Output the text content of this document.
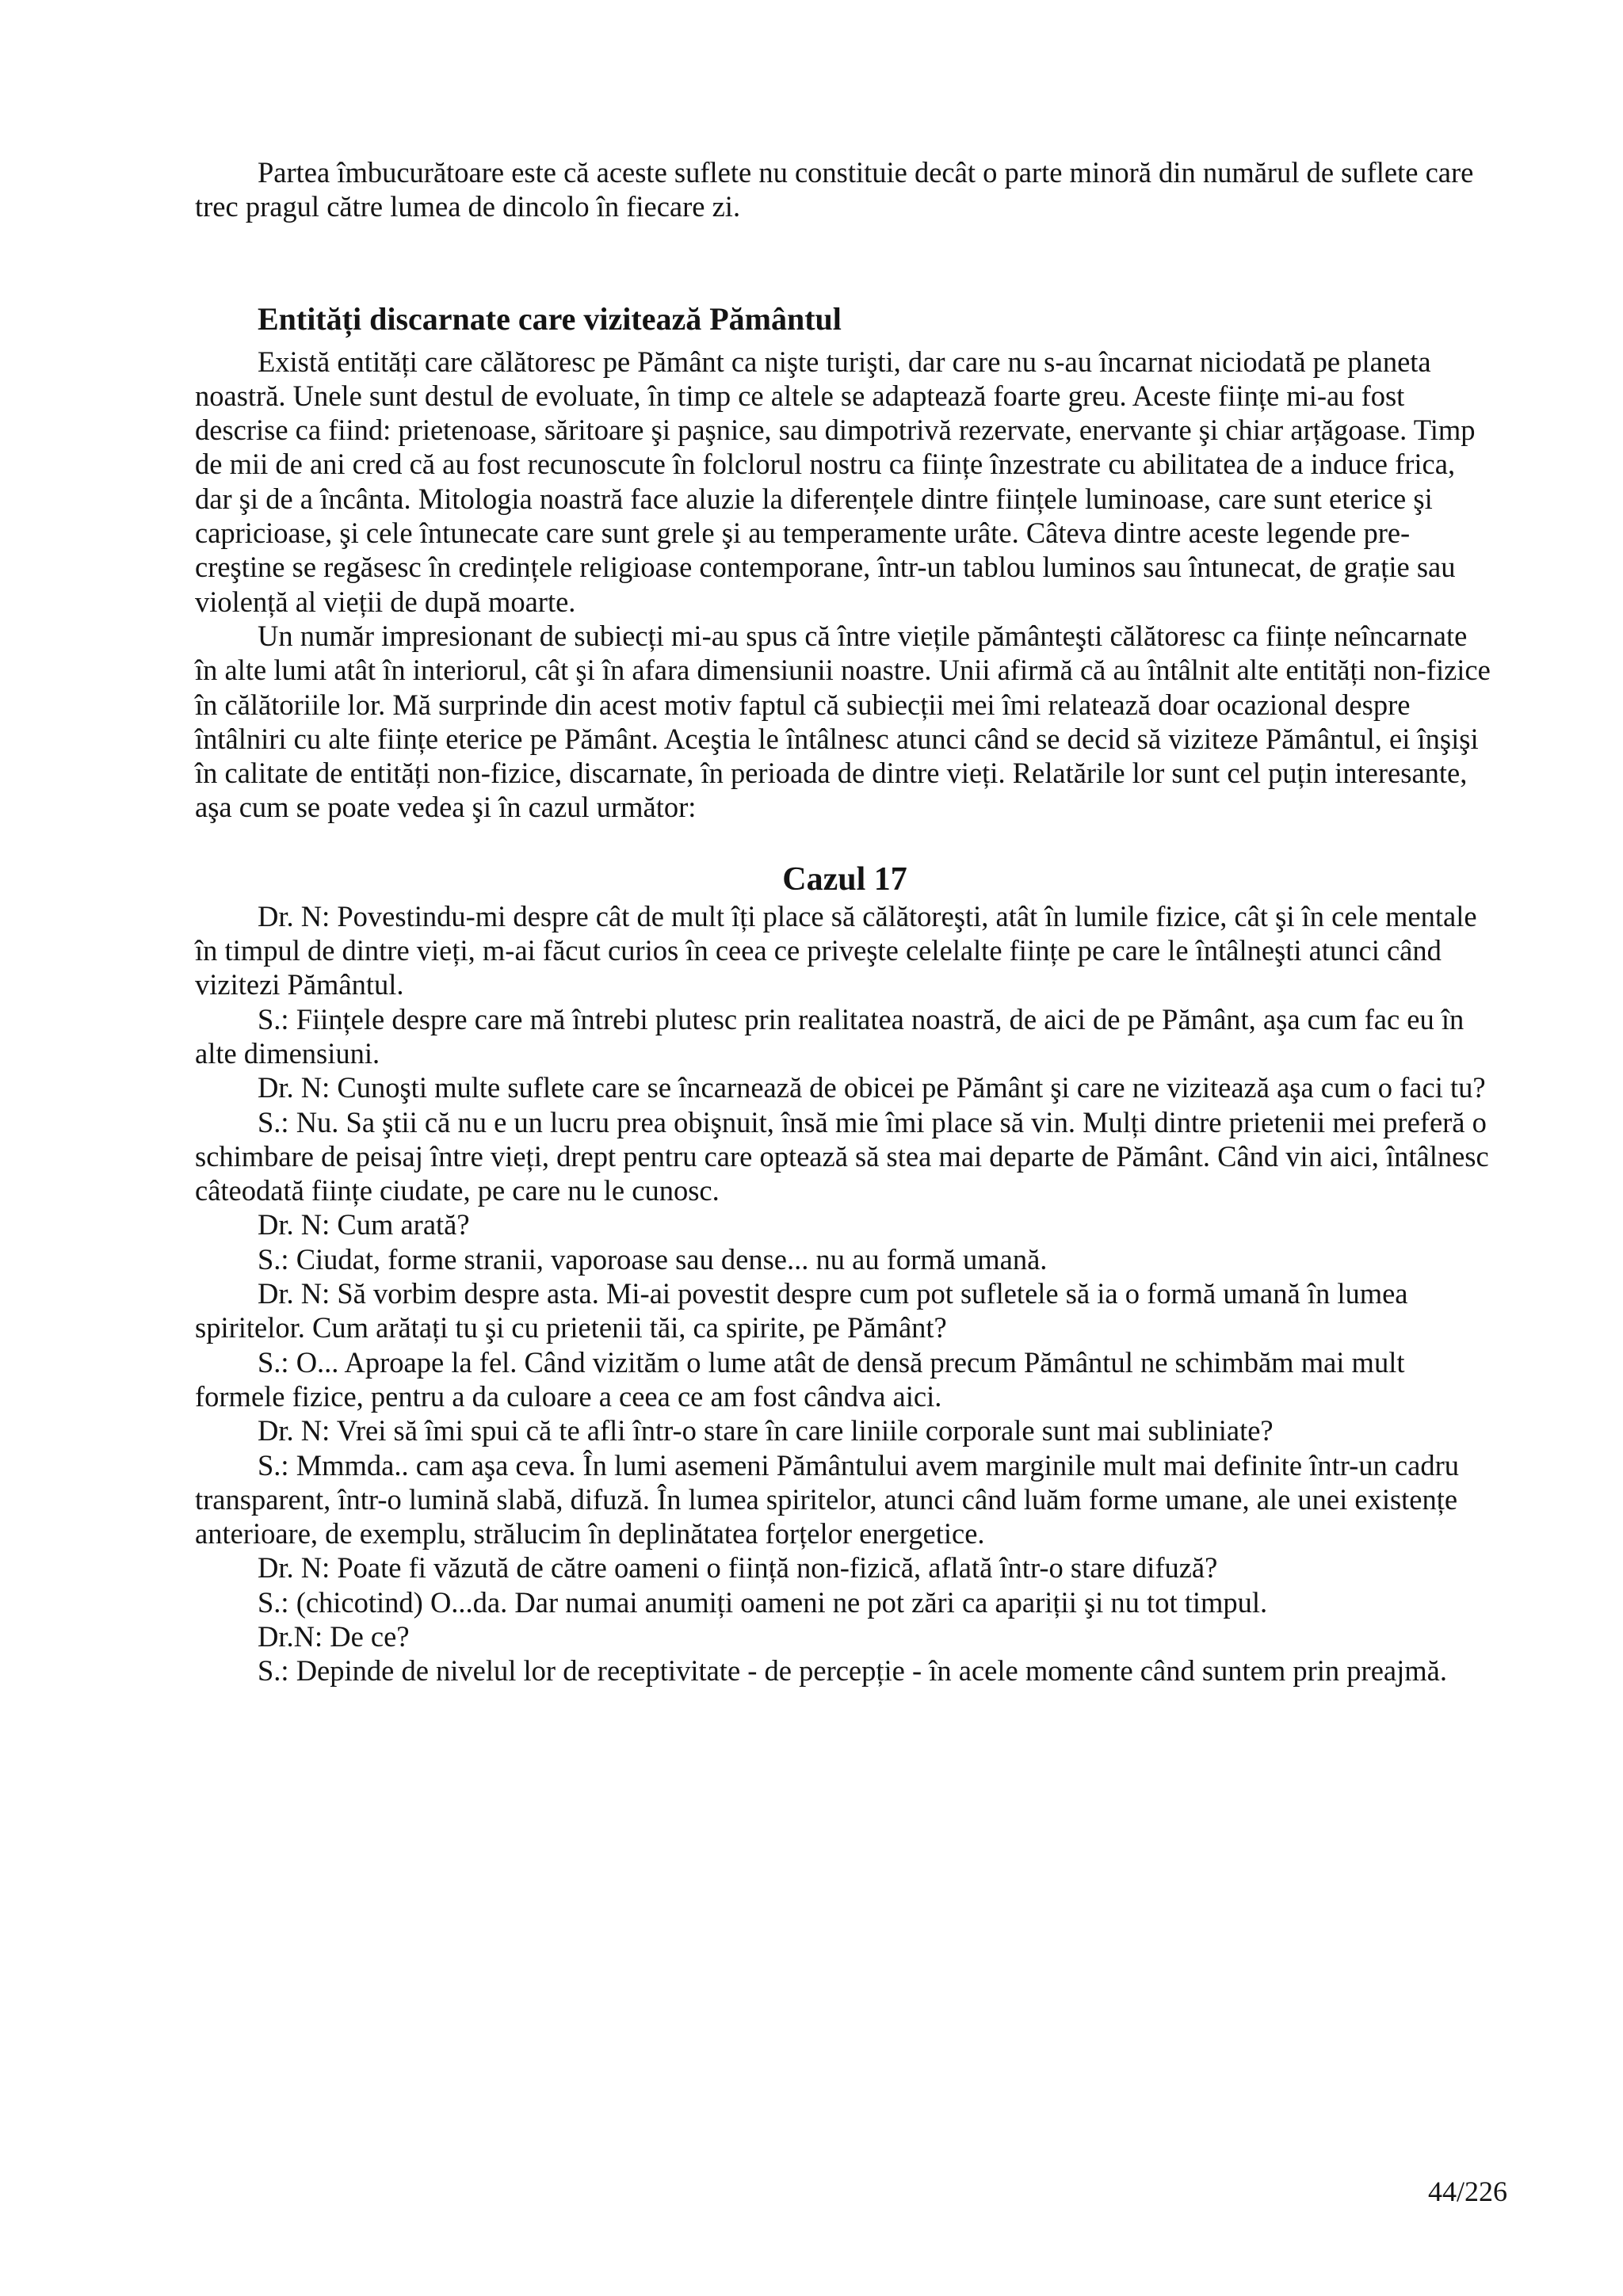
Partea îmbucurătoare este că aceste suflete nu constituie decât o parte minoră din numărul de suflete care trec pragul către lumea de dincolo în fiecare zi.

Entități discarnate care vizitează Pământul

Există entități care călătoresc pe Pământ ca nişte turişti, dar care nu s-au încarnat niciodată pe planeta noastră. Unele sunt destul de evoluate, în timp ce altele se adaptează foarte greu. Aceste ființe mi-au fost descrise ca fiind: prietenoase, săritoare şi paşnice, sau dimpotrivă rezervate, enervante şi chiar arțăgoase. Timp de mii de ani cred că au fost recunoscute în folclorul nostru ca ființe înzestrate cu abilitatea de a induce frica, dar şi de a încânta. Mitologia noastră face aluzie la diferențele dintre ființele luminoase, care sunt eterice şi capricioase, şi cele întunecate care sunt grele şi au temperamente urâte. Câteva dintre aceste legende pre-creştine se regăsesc în credințele religioase contemporane, într-un tablou luminos sau întunecat, de grație sau violență al vieții de după moarte.

Un număr impresionant de subiecți mi-au spus că între viețile pământeşti călătoresc ca ființe neîncarnate în alte lumi atât în interiorul, cât şi în afara dimensiunii noastre. Unii afirmă că au întâlnit alte entități non-fizice în călătoriile lor. Mă surprinde din acest motiv faptul că subiecții mei îmi relatează doar ocazional despre întâlniri cu alte ființe eterice pe Pământ. Aceştia le întâlnesc atunci când se decid să viziteze Pământul, ei înşişi în calitate de entități non-fizice, discarnate, în perioada de dintre vieți. Relatările lor sunt cel puțin interesante, aşa cum se poate vedea şi în cazul următor:

Cazul 17

Dr. N: Povestindu-mi despre cât de mult îți place să călătoreşti, atât în lumile fizice, cât şi în cele mentale în timpul de dintre vieți, m-ai făcut curios în ceea ce priveşte celelalte ființe pe care le întâlneşti atunci când vizitezi Pământul.

S.: Ființele despre care mă întrebi plutesc prin realitatea noastră, de aici de pe Pământ, aşa cum fac eu în alte dimensiuni.

Dr. N: Cunoşti multe suflete care se încarnează de obicei pe Pământ şi care ne vizitează aşa cum o faci tu?

S.: Nu. Sa ştii că nu e un lucru prea obişnuit, însă mie îmi place să vin. Mulți dintre prietenii mei preferă o schimbare de peisaj între vieți, drept pentru care optează să stea mai departe de Pământ. Când vin aici, întâlnesc câteodată ființe ciudate, pe care nu le cunosc.

Dr. N: Cum arată?

S.: Ciudat, forme stranii, vaporoase sau dense... nu au formă umană.

Dr. N: Să vorbim despre asta. Mi-ai povestit despre cum pot sufletele să ia o formă umană în lumea spiritelor. Cum arătați tu şi cu prietenii tăi, ca spirite, pe Pământ?

S.: O... Aproape la fel. Când vizităm o lume atât de densă precum Pământul ne schimbăm mai mult formele fizice, pentru a da culoare a ceea ce am fost cândva aici.

Dr. N: Vrei să îmi spui că te afli într-o stare în care liniile corporale sunt mai subliniate?

S.: Mmmda.. cam aşa ceva. În lumi asemeni Pământului avem marginile mult mai definite într-un cadru transparent, într-o lumină slabă, difuză. În lumea spiritelor, atunci când luăm forme umane, ale unei existențe anterioare, de exemplu, strălucim în deplinătatea forțelor energetice.

Dr. N: Poate fi văzută de către oameni o ființă non-fizică, aflată într-o stare difuză?

S.: (chicotind) O...da. Dar numai anumiți oameni ne pot zări ca apariții şi nu tot timpul.

Dr.N: De ce?

S.: Depinde de nivelul lor de receptivitate - de percepție - în acele momente când suntem prin preajmă.

44/226
